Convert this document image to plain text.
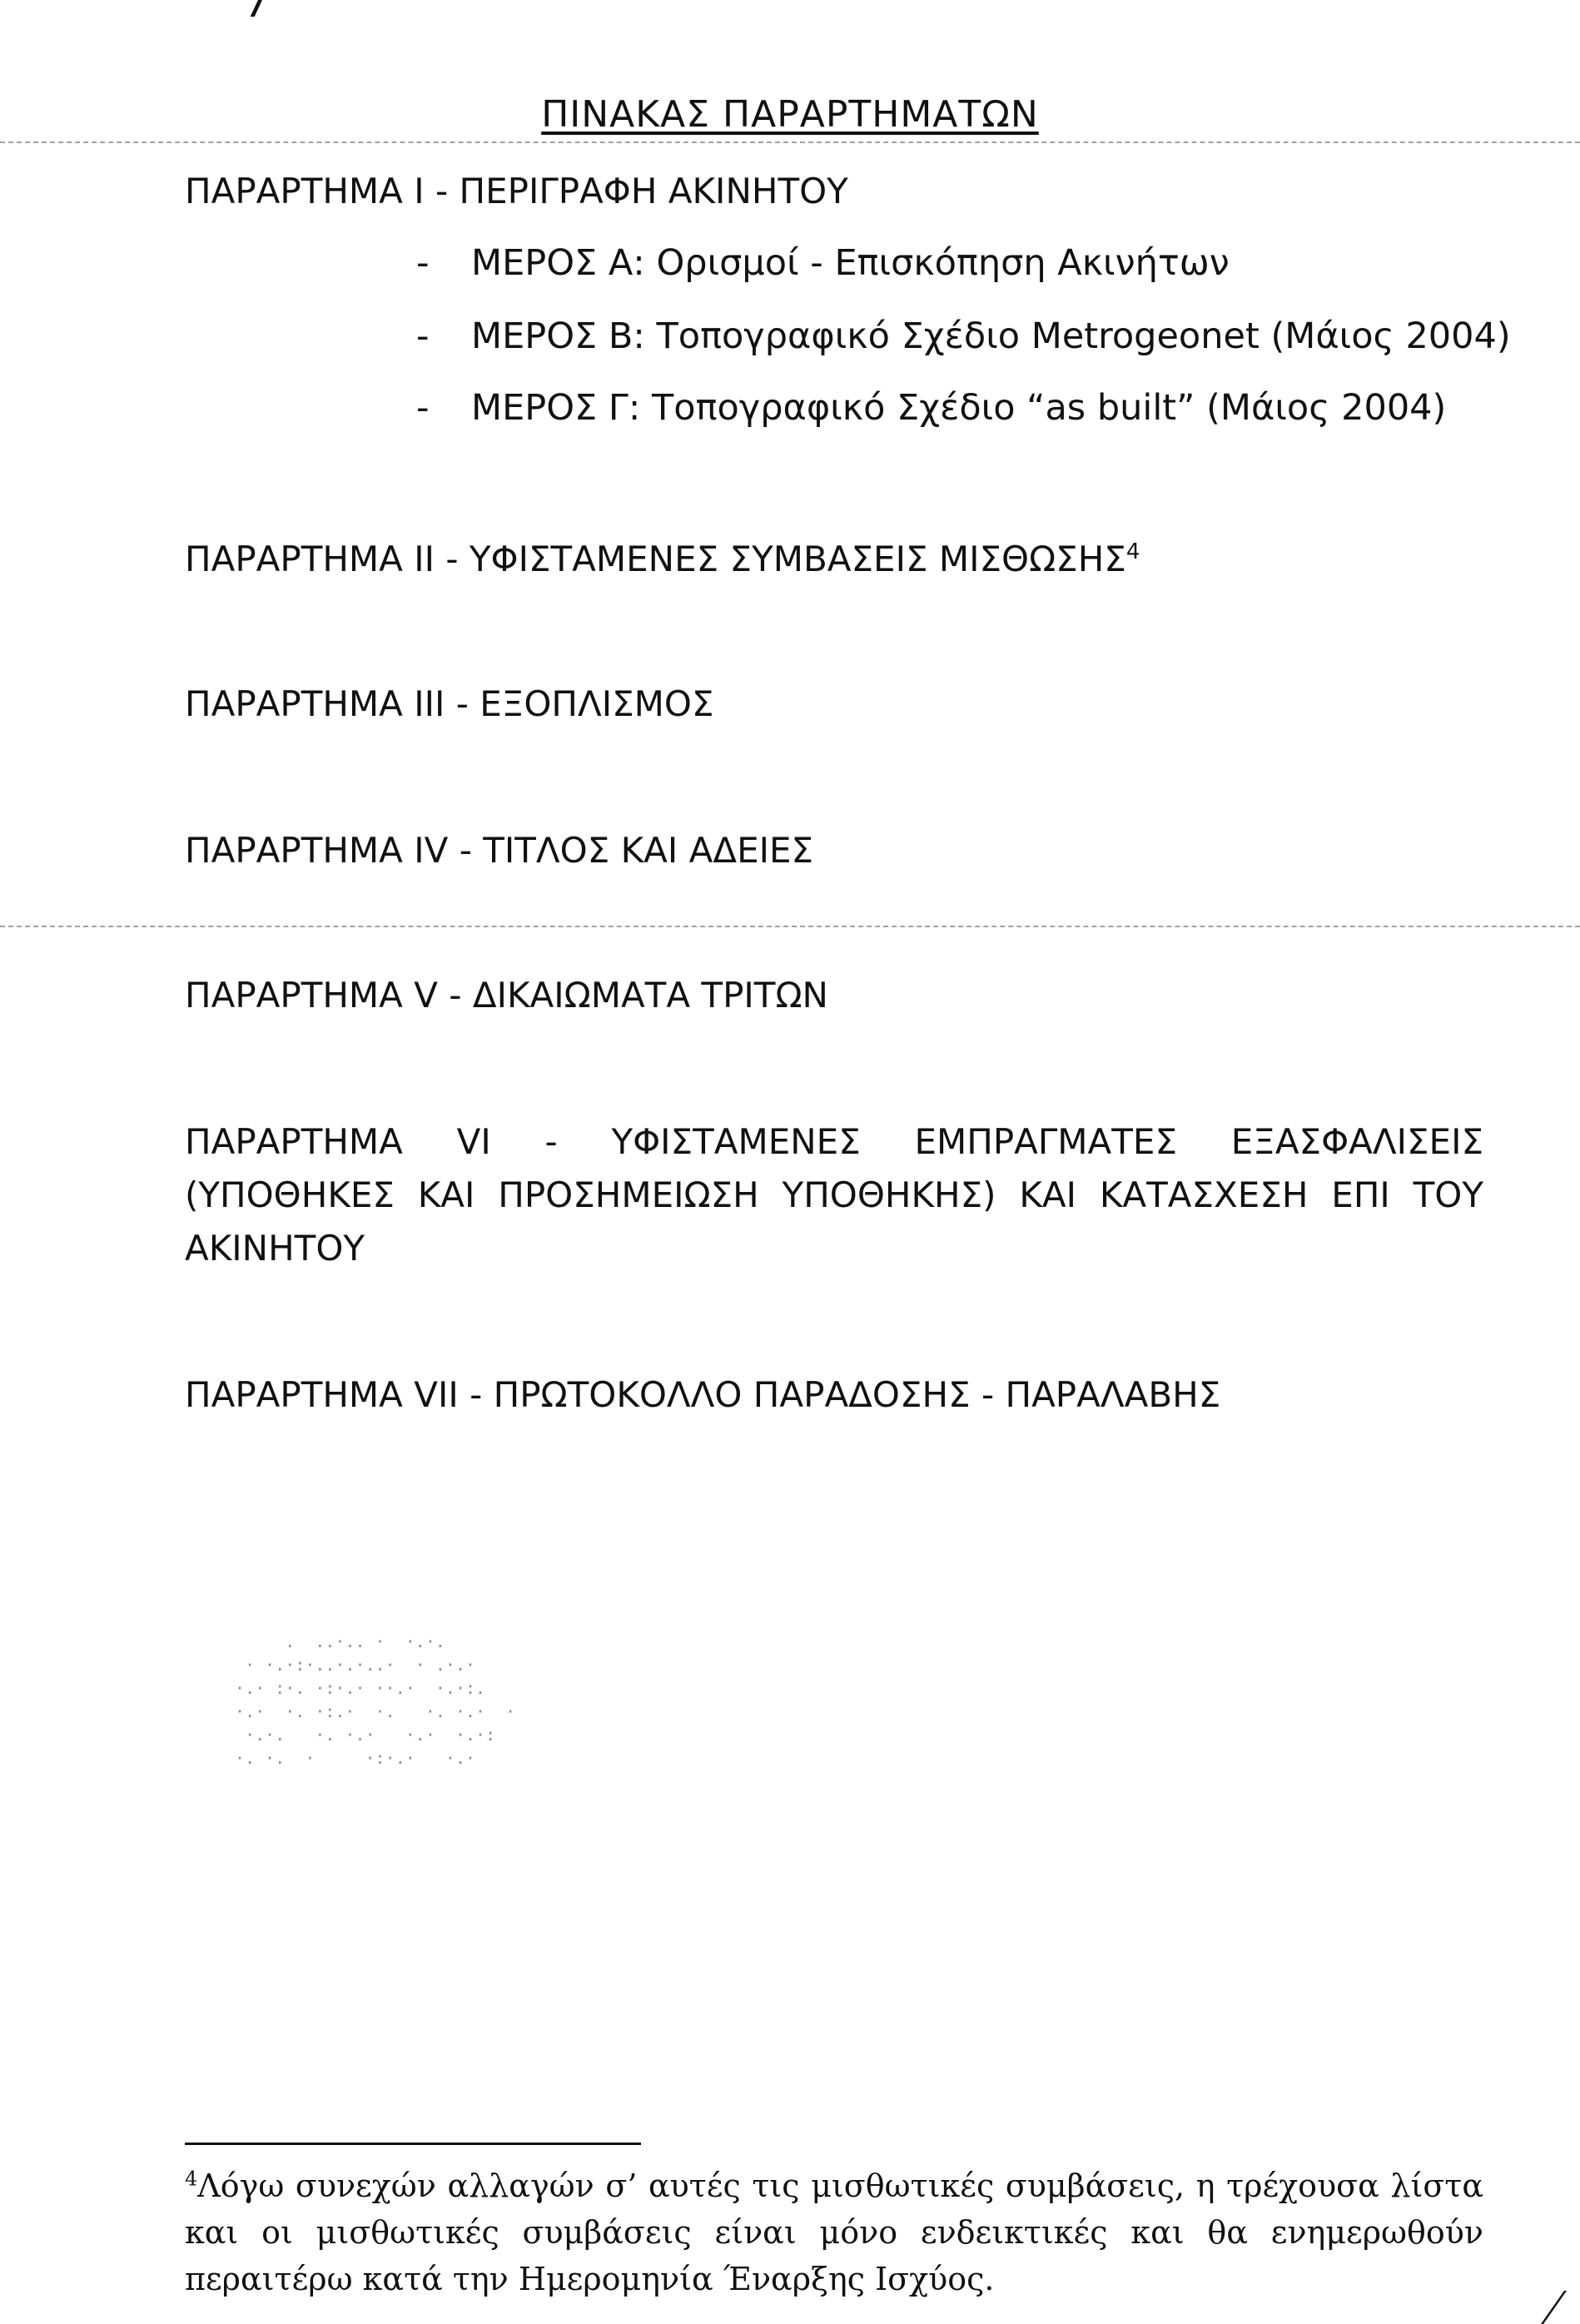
ΠΙΝΑΚΑΣ ΠΑΡΑΡΤΗΜΑΤΩΝ
ΠΑΡΑΡΤΗΜΑ I - ΠΕΡΙΓΡΑΦΗ ΑΚΙΝΗΤΟΥ
- ΜΕΡΟΣ Α: Ορισμοί - Επισκόπηση Ακινήτων
- ΜΕΡΟΣ Β: Τοπογραφικό Σχέδιο Metrogeonet (Μάιος 2004)
- ΜΕΡΟΣ Γ: Τοπογραφικό Σχέδιο “as built” (Μάιος 2004)
ΠΑΡΑΡΤΗΜΑ II - ΥΦΙΣΤΑΜΕΝΕΣ ΣΥΜΒΑΣΕΙΣ ΜΙΣΘΩΣΗΣ$^4$
ΠΑΡΑΡΤΗΜΑ III - ΕΞΟΠΛΙΣΜΟΣ
ΠΑΡΑΡΤΗΜΑ IV - ΤΙΤΛΟΣ ΚΑΙ ΑΔΕΙΕΣ
ΠΑΡΑΡΤΗΜΑ V - ΔΙΚΑΙΩΜΑΤΑ ΤΡΙΤΩΝ
ΠΑΡΑΡΤΗΜΑ VI - ΥΦΙΣΤΑΜΕΝΕΣ ΕΜΠΡΑΓΜΑΤΕΣ ΕΞΑΣΦΑΛΙΣΕΙΣ (ΥΠΟΘΗΚΕΣ ΚΑΙ ΠΡΟΣΗΜΕΙΩΣΗ ΥΠΟΘΗΚΗΣ) ΚΑΙ ΚΑΤΑΣΧΕΣΗ ΕΠΙ ΤΟΥ ΑΚΙΝΗΤΟΥ
ΠΑΡΑΡΤΗΜΑ VII - ΠΡΩΤΟΚΟΛΛΟ ΠΑΡΑΔΟΣΗΣ - ΠΑΡΑΛΑΒΗΣ
.  ..·.. ·  ·.·.
· ·.·:·..·.·..·  · .·.·
·.· :·. ·:·.· ··.·  ·.·:.
·.·  ·. ·:.·  ·.   ·. ·.·  ·
·.·.   ·. ·.·   ·.·  ·.·:
·. ·.  ·     ·:·.·   ·.·
$^4$Λόγω συνεχών αλλαγών σ’ αυτές τις μισθωτικές συμβάσεις, η τρέχουσα λίστα και οι μισθωτικές συμβάσεις είναι μόνο ενδεικτικές και θα ενημερωθούν περαιτέρω κατά την Ημερομηνία Έναρξης Ισχύος.
